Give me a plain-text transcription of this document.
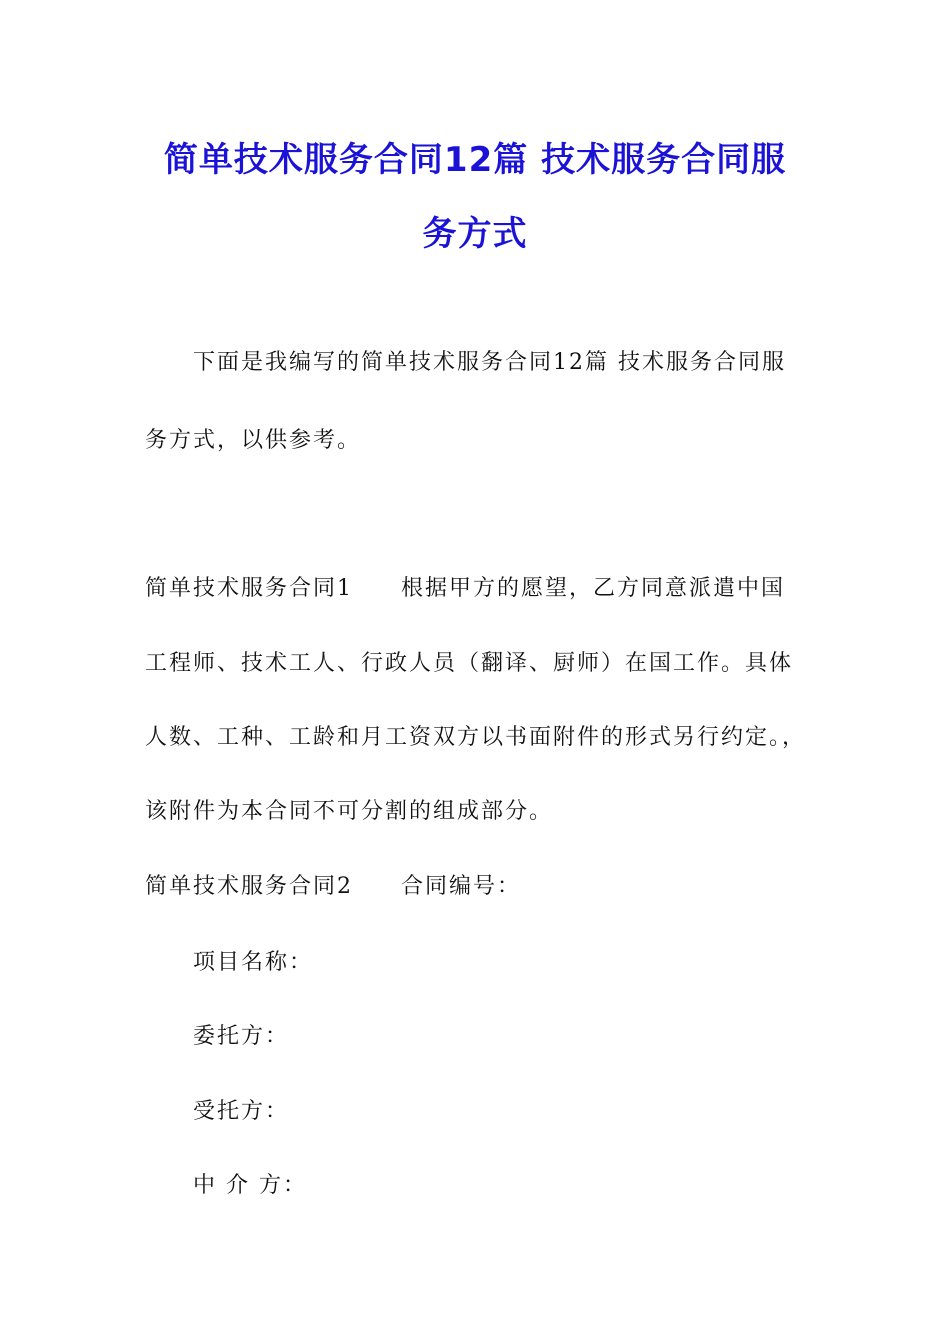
简单技术服务合同12篇 技术服务合同服
务方式
下面是我编写的简单技术服务合同12篇 技术服务合同服
务方式，以供参考。
简单技术服务合同1　　根据甲方的愿望，乙方同意派遣中国
工程师、技术工人、行政人员（翻译、厨师）在国工作。具体
人数、工种、工龄和月工资双方以书面附件的形式另行约定。，
该附件为本合同不可分割的组成部分。
简单技术服务合同2　　合同编号：
项目名称：
委托方：
受托方：
中 介 方：
